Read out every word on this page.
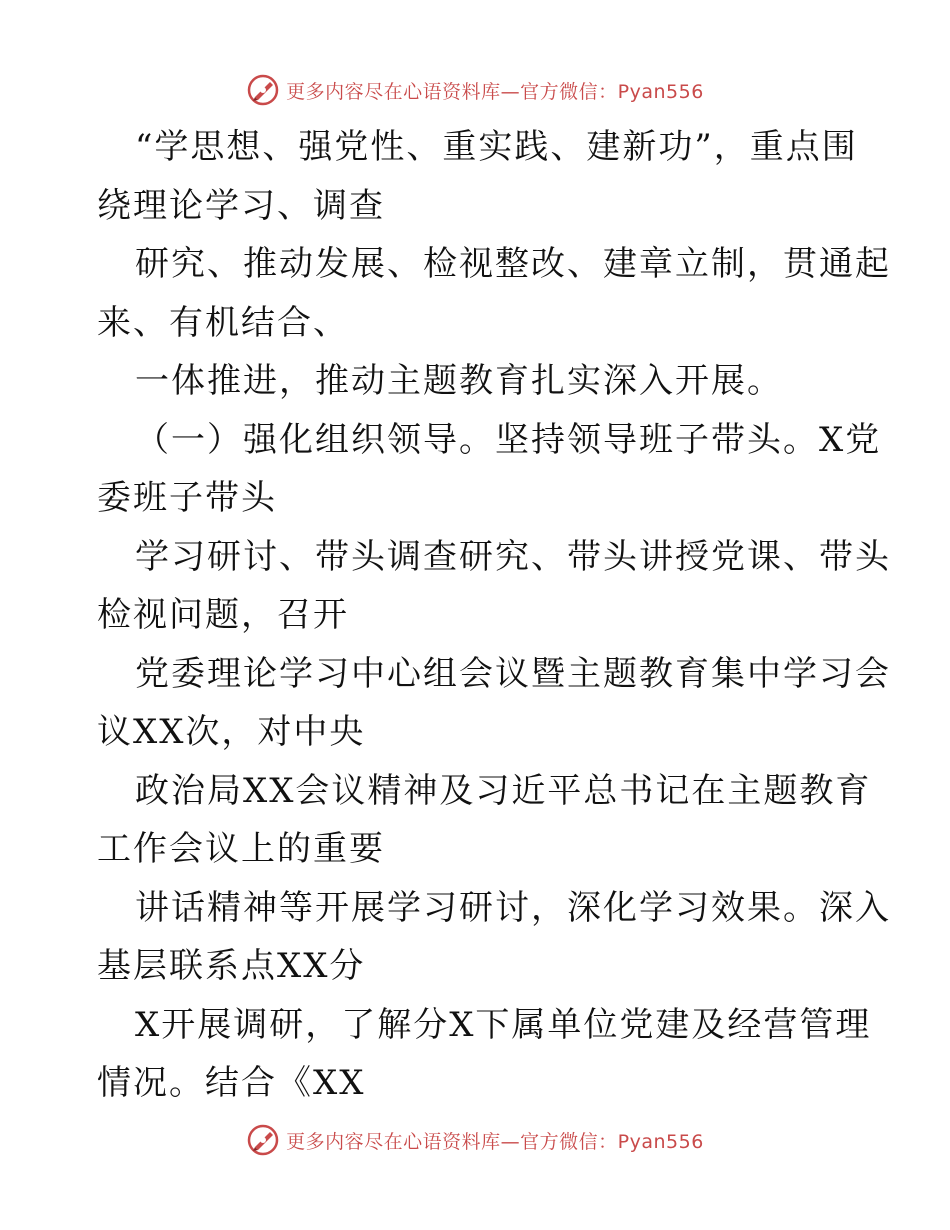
更多内容尽在心语资料库—官方微信：Pyan556
“学思想、强党性、重实践、建新功”，重点围
绕理论学习、调查
研究、推动发展、检视整改、建章立制，贯通起
来、有机结合、
一体推进，推动主题教育扎实深入开展。
（一）强化组织领导。坚持领导班子带头。X党
委班子带头
学习研讨、带头调查研究、带头讲授党课、带头
检视问题，召开
党委理论学习中心组会议暨主题教育集中学习会
议XX次，对中央
政治局XX会议精神及习近平总书记在主题教育
工作会议上的重要
讲话精神等开展学习研讨，深化学习效果。深入
基层联系点XX分
X开展调研，了解分X下属单位党建及经营管理
情况。结合《XX
更多内容尽在心语资料库—官方微信：Pyan556
